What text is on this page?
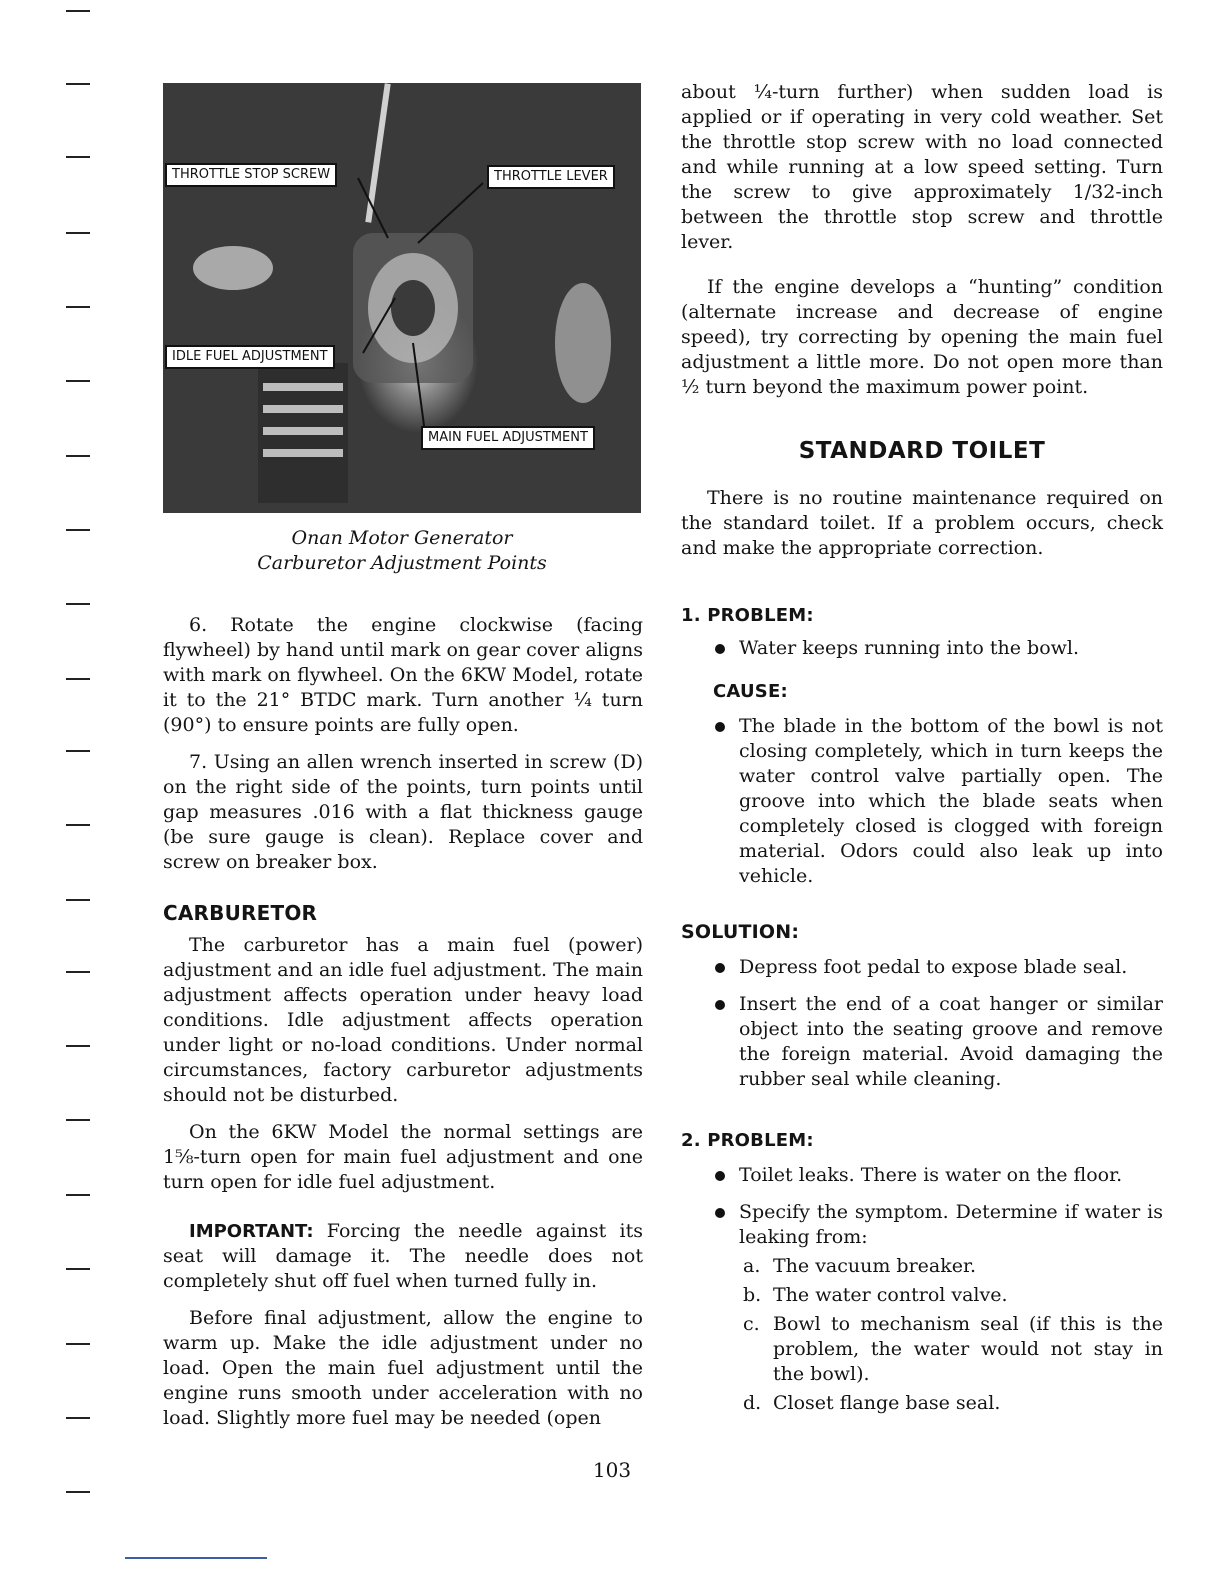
THROTTLE STOP SCREW	THROTTLE LEVER
IDLE FUEL ADJUSTMENT
MAIN FUEL ADJUSTMENT
Onan Motor Generator
Carburetor Adjustment Points

6. Rotate the engine clockwise (facing flywheel) by hand until mark on gear cover aligns with mark on flywheel. On the 6KW Model, rotate it to the 21° BTDC mark. Turn another ¼ turn (90°) to ensure points are fully open.

7. Using an allen wrench inserted in screw (D) on the right side of the points, turn points until gap measures .016 with a flat thickness gauge (be sure gauge is clean). Replace cover and screw on breaker box.

CARBURETOR

The carburetor has a main fuel (power) adjustment and an idle fuel adjustment. The main adjustment affects operation under heavy load conditions. Idle adjustment affects operation under light or no-load conditions. Under normal circumstances, factory carburetor adjustments should not be disturbed.

On the 6KW Model the normal settings are 1⅝-turn open for main fuel adjustment and one turn open for idle fuel adjustment.

IMPORTANT: Forcing the needle against its seat will damage it. The needle does not completely shut off fuel when turned fully in.

Before final adjustment, allow the engine to warm up. Make the idle adjustment under no load. Open the main fuel adjustment until the engine runs smooth under acceleration with no load. Slightly more fuel may be needed (open

about ¼-turn further) when sudden load is applied or if operating in very cold weather. Set the throttle stop screw with no load connected and while running at a low speed setting. Turn the screw to give approximately 1/32-inch between the throttle stop screw and throttle lever.

If the engine develops a “hunting” condition (alternate increase and decrease of engine speed), try correcting by opening the main fuel adjustment a little more. Do not open more than ½ turn beyond the maximum power point.

STANDARD TOILET

There is no routine maintenance required on the standard toilet. If a problem occurs, check and make the appropriate correction.

1. PROBLEM:
Water keeps running into the bowl.
CAUSE:
The blade in the bottom of the bowl is not closing completely, which in turn keeps the water control valve partially open. The groove into which the blade seats when completely closed is clogged with foreign material. Odors could also leak up into vehicle.
SOLUTION:
Depress foot pedal to expose blade seal.
Insert the end of a coat hanger or similar object into the seating groove and remove the foreign material. Avoid damaging the rubber seal while cleaning.
2. PROBLEM:
Toilet leaks. There is water on the floor.
Specify the symptom. Determine if water is leaking from:
a. The vacuum breaker.
b. The water control valve.
c. Bowl to mechanism seal (if this is the problem, the water would not stay in the bowl).
d. Closet flange base seal.
103
